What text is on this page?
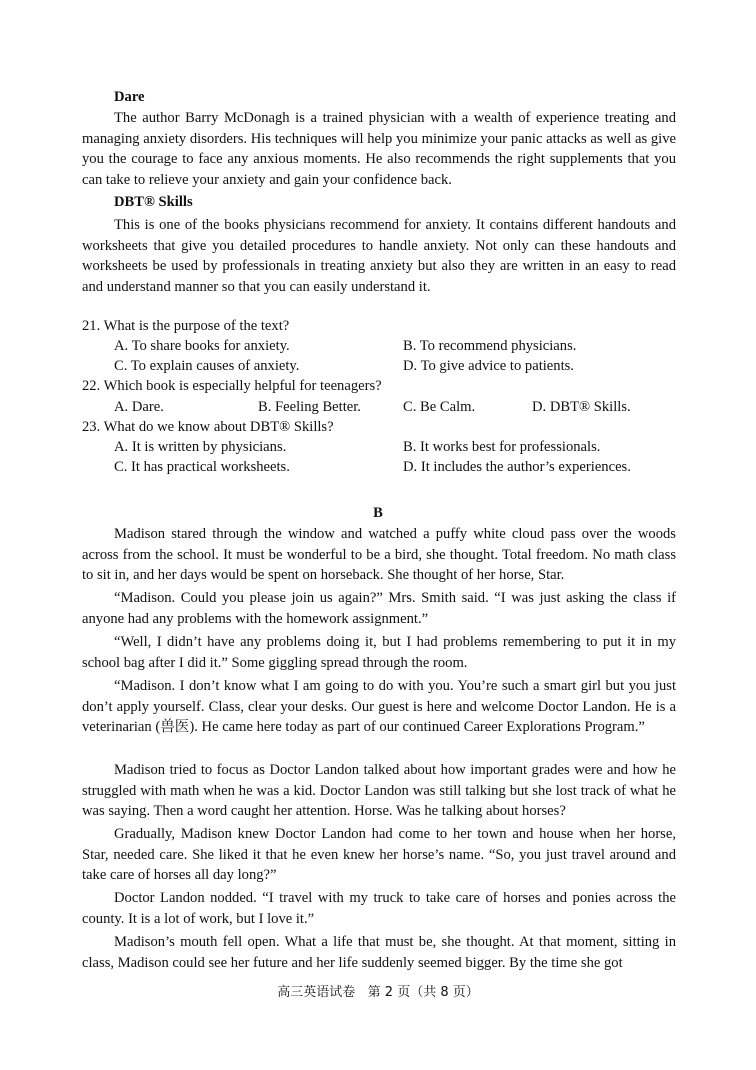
Dare

The author Barry McDonagh is a trained physician with a wealth of experience treating and managing anxiety disorders. His techniques will help you minimize your panic attacks as well as give you the courage to face any anxious moments. He also recommends the right supplements that you can take to relieve your anxiety and gain your confidence back.

DBT® Skills

This is one of the books physicians recommend for anxiety. It contains different handouts and worksheets that give you detailed procedures to handle anxiety. Not only can these handouts and worksheets be used by professionals in treating anxiety but also they are written in an easy to read and understand manner so that you can easily understand it.

21. What is the purpose of the text?

A. To share books for anxiety.	B. To recommend physicians.

C. To explain causes of anxiety.	D. To give advice to patients.

22. Which book is especially helpful for teenagers?

A. Dare.	B. Feeling Better.	C. Be Calm.	D. DBT® Skills.

23. What do we know about DBT® Skills?

A. It is written by physicians.	B. It works best for professionals.

C. It has practical worksheets.	D. It includes the author’s experiences.

B

Madison stared through the window and watched a puffy white cloud pass over the woods across from the school. It must be wonderful to be a bird, she thought. Total freedom. No math class to sit in, and her days would be spent on horseback. She thought of her horse, Star.

“Madison. Could you please join us again?” Mrs. Smith said. “I was just asking the class if anyone had any problems with the homework assignment.”

“Well, I didn’t have any problems doing it, but I had problems remembering to put it in my school bag after I did it.” Some giggling spread through the room.

“Madison. I don’t know what I am going to do with you. You’re such a smart girl but you just don’t apply yourself. Class, clear your desks. Our guest is here and welcome Doctor Landon. He is a veterinarian (兽医). He came here today as part of our continued Career Explorations Program.”

Madison tried to focus as Doctor Landon talked about how important grades were and how he struggled with math when he was a kid. Doctor Landon was still talking but she lost track of what he was saying. Then a word caught her attention. Horse. Was he talking about horses?

Gradually, Madison knew Doctor Landon had come to her town and house when her horse, Star, needed care. She liked it that he even knew her horse’s name. “So, you just travel around and take care of horses all day long?”

Doctor Landon nodded. “I travel with my truck to take care of horses and ponies across the county. It is a lot of work, but I love it.”

Madison’s mouth fell open. What a life that must be, she thought. At that moment, sitting in class, Madison could see her future and her life suddenly seemed bigger. By the time she got

高三英语试卷   第 2 页（共 8 页）
